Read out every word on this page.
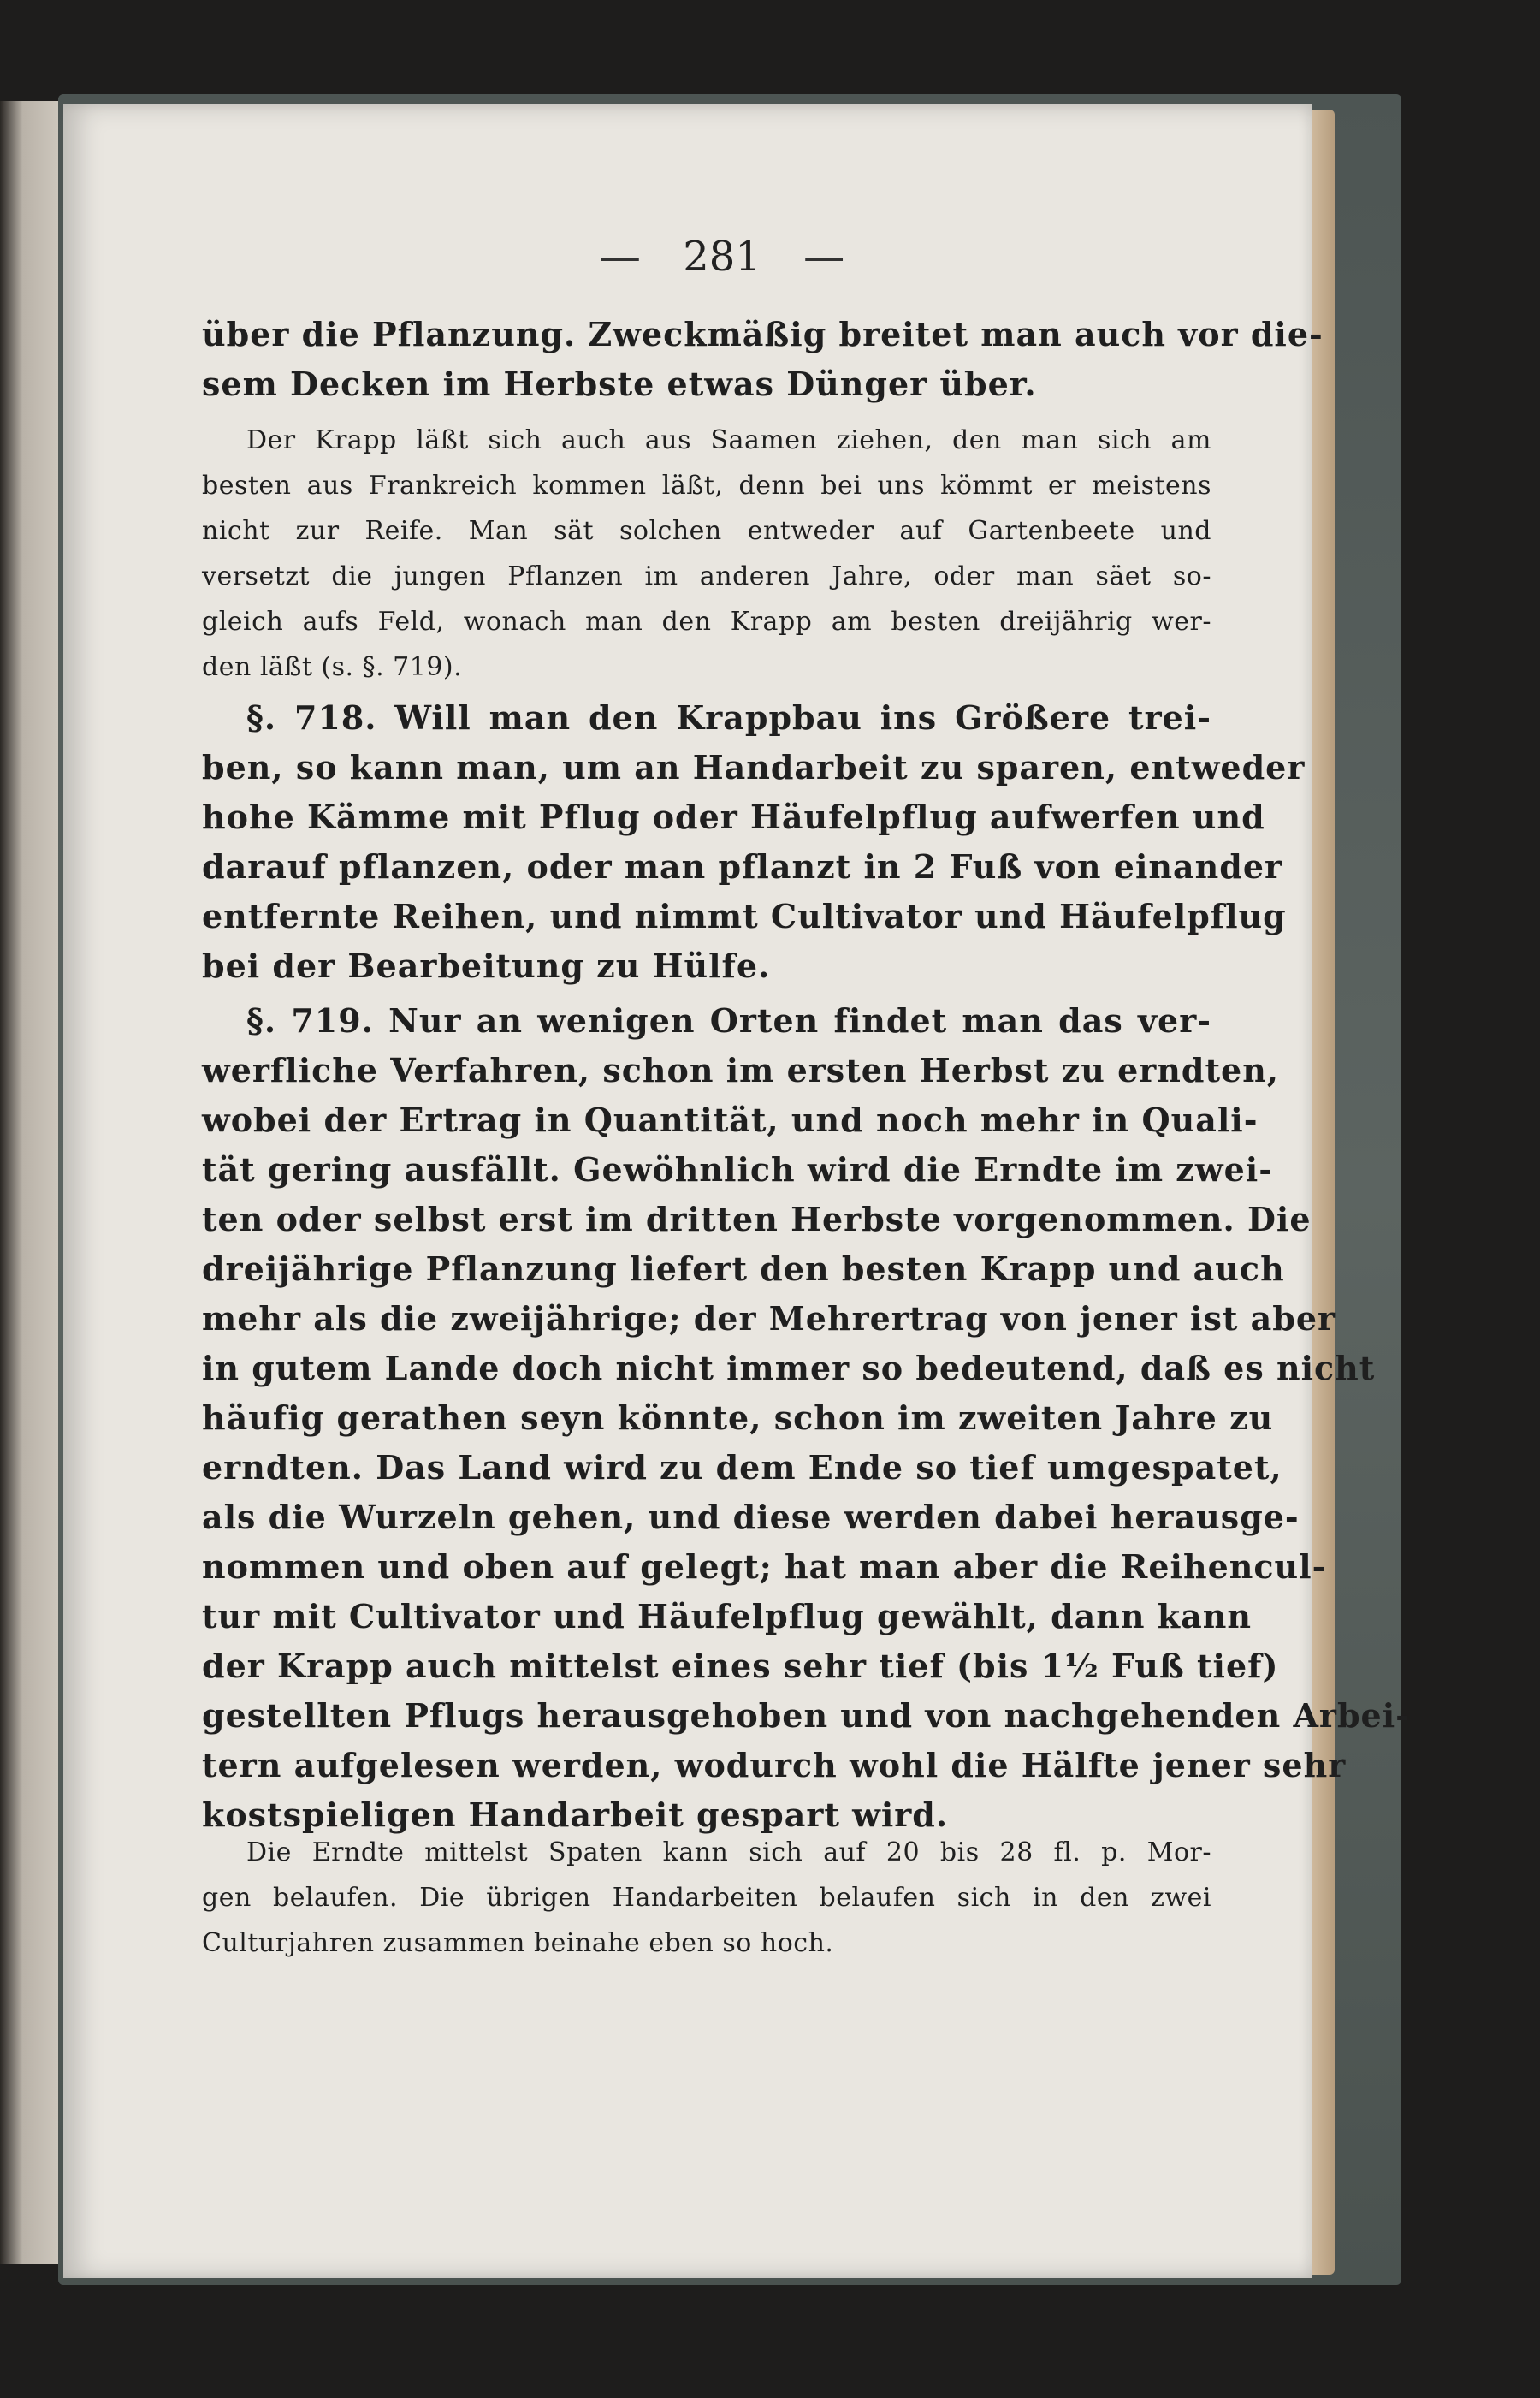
— 281 —
über die Pflanzung. Zweckmäßig breitet man auch vor die-
sem Decken im Herbste etwas Dünger über.
Der Krapp läßt sich auch aus Saamen ziehen, den man sich am
besten aus Frankreich kommen läßt, denn bei uns kömmt er meistens
nicht zur Reife. Man sät solchen entweder auf Gartenbeete und
versetzt die jungen Pflanzen im anderen Jahre, oder man säet so-
gleich aufs Feld, wonach man den Krapp am besten dreijährig wer-
den läßt (s. §. 719).
§. 718. Will man den Krappbau ins Größere trei-
ben, so kann man, um an Handarbeit zu sparen, entweder
hohe Kämme mit Pflug oder Häufelpflug aufwerfen und
darauf pflanzen, oder man pflanzt in 2 Fuß von einander
entfernte Reihen, und nimmt Cultivator und Häufelpflug
bei der Bearbeitung zu Hülfe.
§. 719. Nur an wenigen Orten findet man das ver-
werfliche Verfahren, schon im ersten Herbst zu erndten,
wobei der Ertrag in Quantität, und noch mehr in Quali-
tät gering ausfällt. Gewöhnlich wird die Erndte im zwei-
ten oder selbst erst im dritten Herbste vorgenommen. Die
dreijährige Pflanzung liefert den besten Krapp und auch
mehr als die zweijährige; der Mehrertrag von jener ist aber
in gutem Lande doch nicht immer so bedeutend, daß es nicht
häufig gerathen seyn könnte, schon im zweiten Jahre zu
erndten. Das Land wird zu dem Ende so tief umgespatet,
als die Wurzeln gehen, und diese werden dabei herausge-
nommen und oben auf gelegt; hat man aber die Reihencul-
tur mit Cultivator und Häufelpflug gewählt, dann kann
der Krapp auch mittelst eines sehr tief (bis 1½ Fuß tief)
gestellten Pflugs herausgehoben und von nachgehenden Arbei-
tern aufgelesen werden, wodurch wohl die Hälfte jener sehr
kostspieligen Handarbeit gespart wird.
Die Erndte mittelst Spaten kann sich auf 20 bis 28 fl. p. Mor-
gen belaufen. Die übrigen Handarbeiten belaufen sich in den zwei
Culturjahren zusammen beinahe eben so hoch.
